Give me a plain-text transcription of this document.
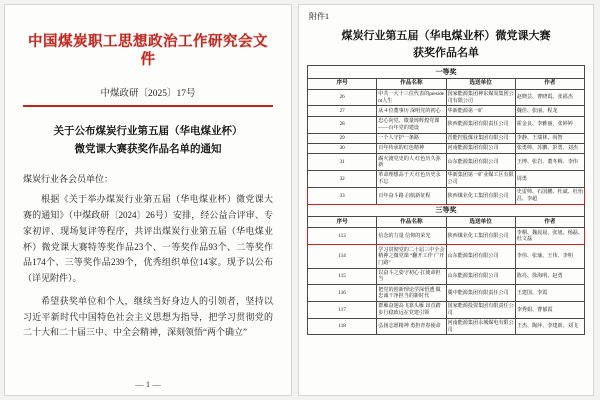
中国煤炭职工思想政治工作研究会文件
中煤政研〔2025〕17号
关于公布煤炭行业第五届（华电煤业杯）
微党课大赛获奖作品名单的通知
煤炭行业各会员单位：
根据《关于举办煤炭行业第五届（华电煤业杯）微党课大赛的通知》（中煤政研〔2024〕26号）安排，经公益合评审、专家初评、现场复评等程序，共评出煤炭行业第五届（华电煤业杯）微党课大赛特等奖作品23个、一等奖作品93个、二等奖作品174个、三等奖作品239个，优秀组织单位14家。现予以公布（详见附件）。
希望获奖单位和个人，继续当好身边人的引领者，坚持以习近平新时代中国特色社会主义思想为指导，把学习贯彻党的二十大和二十届三中、中全会精神，深刻领悟“两个确立”
— 1 —
附件1
煤炭行业第五届（华电煤业杯）微党课大赛
获奖作品名单
一等奖			
序号	作品名称	选送单位	作者
26	中共一大十三位代表的president人生	国家能源集团神东煤炭集团公司有限公司	赵晓芸、曹晓霞、张福杰
27	从４位董事历 深明党的初心	华新能源第一矿	魏佳、张丽、程龙
28	忠心向党、微量铸辉煌党课——百年党的建设	陕西能源集团有限责任公司	霍金良、李雅丽、张婷婷
29	一个人守护一条路	晋能控股煤业集团有限公司	李静、王瑞林、尚智
30	百年传承的红色精神	河南能源集团有限公司	张勇帅、苏鹏、彭勇、刘杰
31	踢火渡党史的人 红色历久弥新	山东能源集团有限公司	王博、张岩、董冬梅、李伟
32	革命理想高于天 红色历史永不忘	华新集团第一矿业煤工区有限公司	周勇
33	百年奋斗路 启航新征程	陕西煤业化工集团有限公司	史雷帅、石国鹏、杜斌、杜怡昌、李超
三等奖			
序号	作品名称	选送单位	作者
113	信念的力量 信仰的荣光	陕西煤业化工集团有限公司	李桐、魏晨晨、张旭、杨磊、杜文磊
114	学习贯彻党的二十届三中全会精神之微党课 “翻开工作 广开门路”	山东能源集团有限公司	李伟、张瑜、王伟、李明
115	以奋斗之姿守初心 扛使命担当	山东能源集团有限公司	陈亮、徐海明、赵勇
116	把党的创新理论学深悟透 做忠诚干净担当的新时代	冀中能源集团有限责任公司	王建国、李霞
117	群雁奋翅高飞靠头雁 昂首踏步行稳致远在党建引领	国家能源投资集团有限责任公司	李秀娟、曹郁霞
118	弘扬志愿精神 勇担青春使命	河南能源集团永城煤电有限公司	王杰、陶萍、李建新、刘飞
